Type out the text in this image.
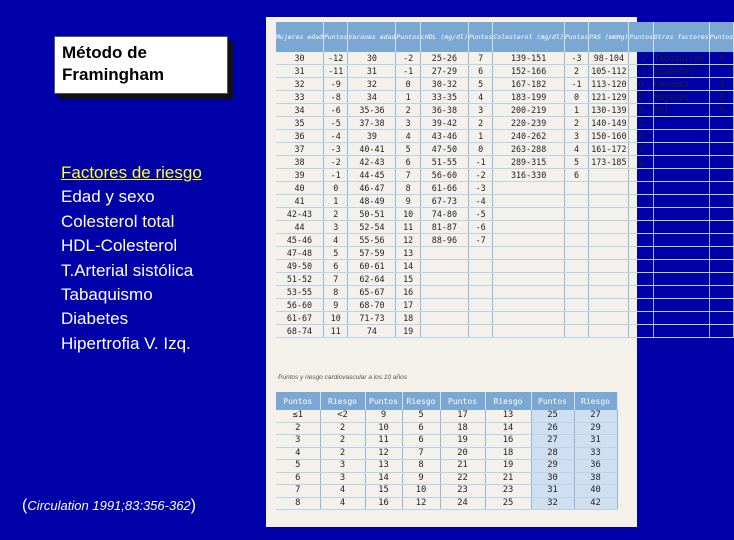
Método de
Framingham
Factores de riesgo
Edad y sexo
Colesterol total
HDL-Colesterol
T.Arterial sistólica
Tabaquismo
Diabetes
Hipertrofia V. Izq.
(Circulation 1991;83:356-362)
Mujeres edad	Puntos	Varones edad	Puntos	cHDL (mg/dl)	Puntos	Colesterol (mg/dl)	Puntos	PAS (mmHg)	Puntos	Otros factores	Puntos
30	-12	30	-2	25-26	7	139-151	-3	98-104	-2	Tabaquismo	4
31	-11	31	-1	27-29	6	152-166	2	105-112	-1	Diabetes:	
32	-9	32	0	30-32	5	167-182	-1	113-120	0	Varones	3
33	-8	34	1	33-35	4	183-199	0	121-129	1	Mujeres	6
34	-6	35-36	2	36-38	3	200-219	1	130-139	2	HVI	9
35	-5	37-38	3	39-42	2	220-239	2	140-149	3		
36	-4	39	4	43-46	1	240-262	3	150-160	4		
37	-3	40-41	5	47-50	0	263-288	4	161-172	5		
38	-2	42-43	6	51-55	-1	289-315	5	173-185	6		
39	-1	44-45	7	56-60	-2	316-330	6				
40	0	46-47	8	61-66	-3						
41	1	48-49	9	67-73	-4						
42-43	2	50-51	10	74-80	-5						
44	3	52-54	11	81-87	-6						
45-46	4	55-56	12	88-96	-7						
47-48	5	57-59	13								
49-50	6	60-61	14								
51-52	7	62-64	15								
53-55	8	65-67	16								
56-60	9	68-70	17								
61-67	10	71-73	18								
68-74	11	74	19								
Puntos y riesgo cardiovascular a los 10 años
Puntos	Riesgo	Puntos	Riesgo	Puntos	Riesgo	Puntos	Riesgo
≤1	<2	9	5	17	13	25	27
2	2	10	6	18	14	26	29
3	2	11	6	19	16	27	31
4	2	12	7	20	18	28	33
5	3	13	8	21	19	29	36
6	3	14	9	22	21	30	38
7	4	15	10	23	23	31	40
8	4	16	12	24	25	32	42
